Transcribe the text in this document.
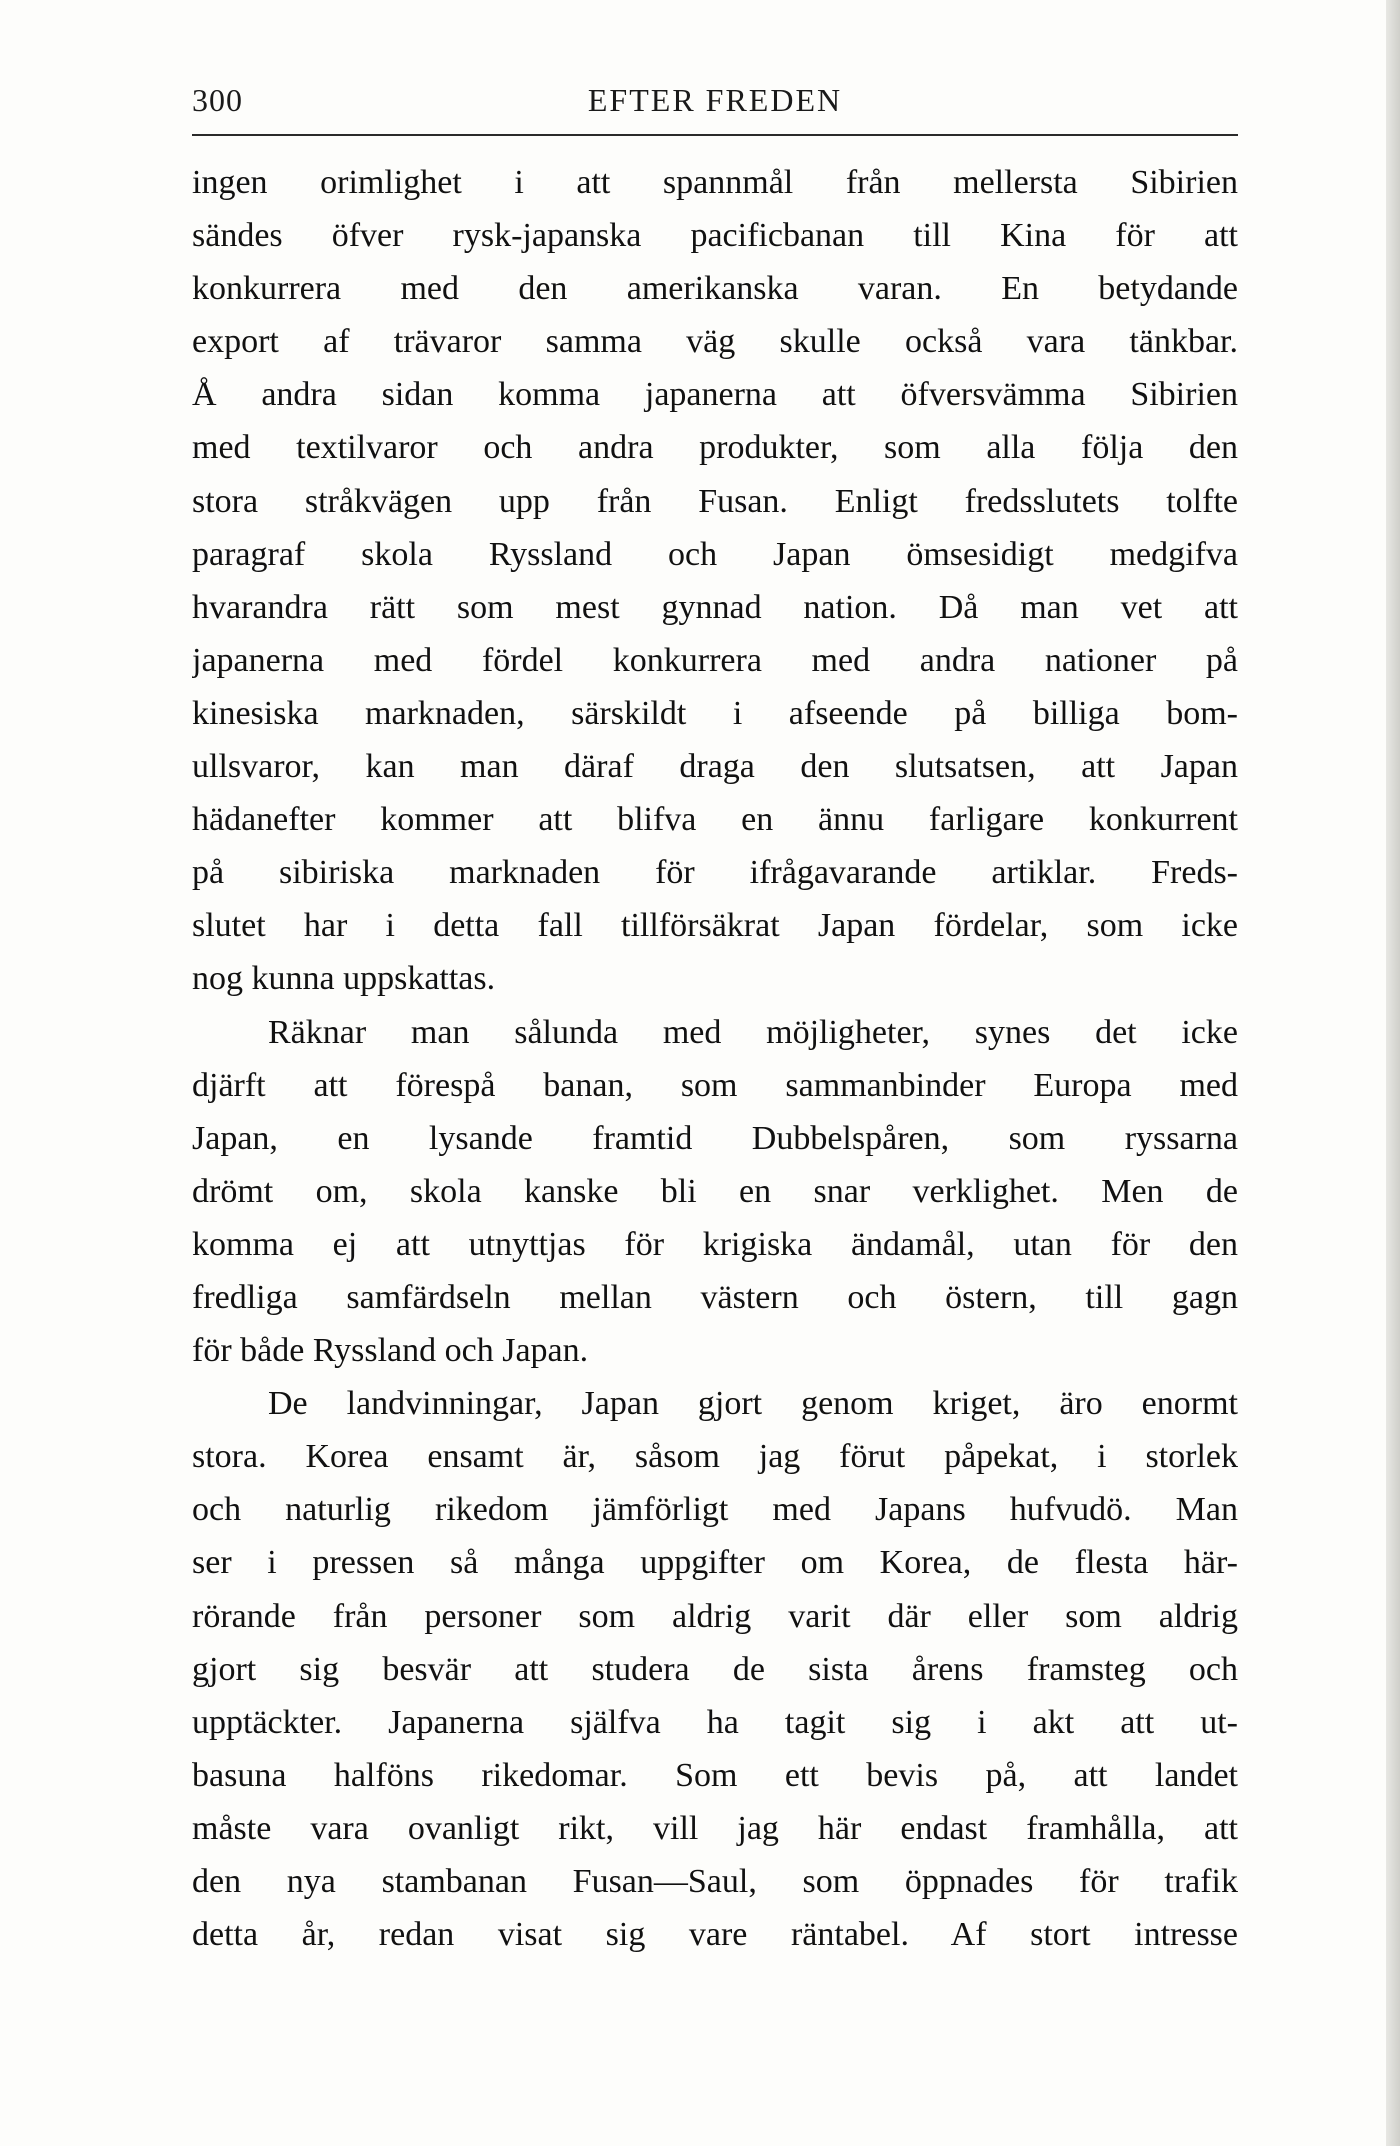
300	EFTER FREDEN
ingen orimlighet i att spannmål från mellersta Sibirien
sändes öfver rysk-japanska pacificbanan till Kina för att
konkurrera med den amerikanska varan. En betydande
export af trävaror samma väg skulle också vara tänkbar.
Å andra sidan komma japanerna att öfversvämma Sibirien
med textilvaror och andra produkter, som alla följa den
stora stråkvägen upp från Fusan. Enligt fredsslutets tolfte
paragraf skola Ryssland och Japan ömsesidigt medgifva
hvarandra rätt som mest gynnad nation. Då man vet att
japanerna med fördel konkurrera med andra nationer på
kinesiska marknaden, särskildt i afseende på billiga bom-
ullsvaror, kan man däraf draga den slutsatsen, att Japan
hädanefter kommer att blifva en ännu farligare konkurrent
på sibiriska marknaden för ifrågavarande artiklar. Freds-
slutet har i detta fall tillförsäkrat Japan fördelar, som icke
nog kunna uppskattas.
Räknar man sålunda med möjligheter, synes det icke
djärft att förespå banan, som sammanbinder Europa med
Japan, en lysande framtid Dubbelspåren, som ryssarna
drömt om, skola kanske bli en snar verklighet. Men de
komma ej att utnyttjas för krigiska ändamål, utan för den
fredliga samfärdseln mellan västern och östern, till gagn
för både Ryssland och Japan.
De landvinningar, Japan gjort genom kriget, äro enormt
stora. Korea ensamt är, såsom jag förut påpekat, i storlek
och naturlig rikedom jämförligt med Japans hufvudö. Man
ser i pressen så många uppgifter om Korea, de flesta här-
rörande från personer som aldrig varit där eller som aldrig
gjort sig besvär att studera de sista årens framsteg och
upptäckter. Japanerna själfva ha tagit sig i akt att ut-
basuna halföns rikedomar. Som ett bevis på, att landet
måste vara ovanligt rikt, vill jag här endast framhålla, att
den nya stambanan Fusan—Saul, som öppnades för trafik
detta år, redan visat sig vare räntabel. Af stort intresse
